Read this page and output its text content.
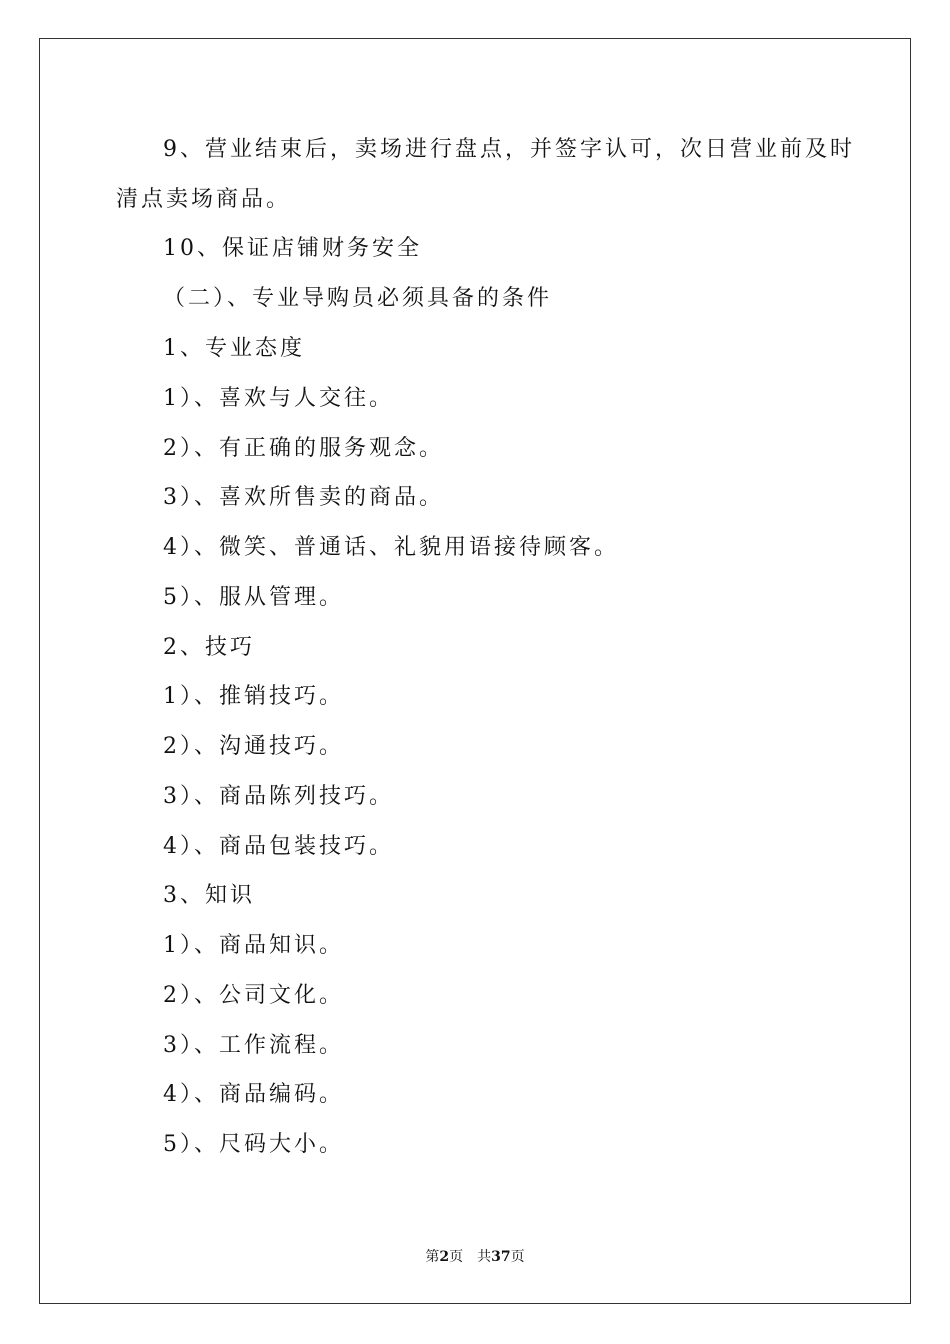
9、营业结束后，卖场进行盘点，并签字认可，次日营业前及时
清点卖场商品。
10、保证店铺财务安全
（二）、专业导购员必须具备的条件
1、专业态度
1）、喜欢与人交往。
2）、有正确的服务观念。
3）、喜欢所售卖的商品。
4）、微笑、普通话、礼貌用语接待顾客。
5）、服从管理。
2、技巧
1）、推销技巧。
2）、沟通技巧。
3）、商品陈列技巧。
4）、商品包装技巧。
3、知识
1）、商品知识。
2）、公司文化。
3）、工作流程。
4）、商品编码。
5）、尺码大小。
第2页 共37页
